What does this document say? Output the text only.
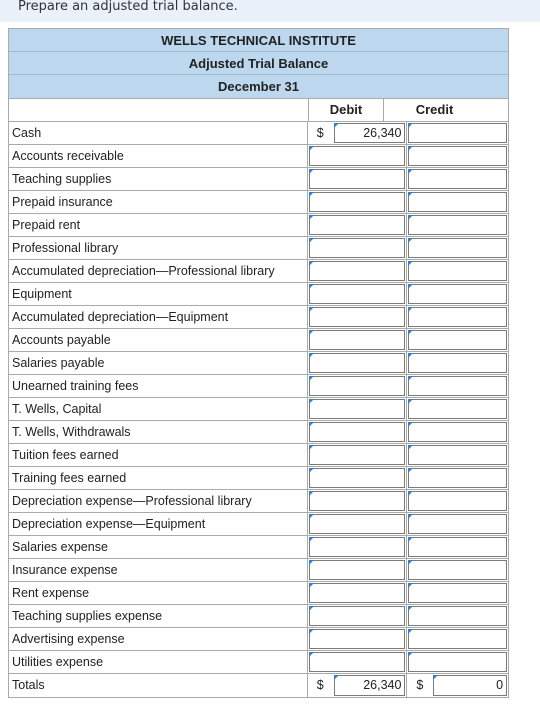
Prepare an adjusted trial balance.
WELLS TECHNICAL INSTITUTE
Adjusted Trial Balance
December 31
Debit	Credit
Cash	$	26,340
Accounts receivable
Teaching supplies
Prepaid insurance
Prepaid rent
Professional library
Accumulated depreciation—Professional library
Equipment
Accumulated depreciation—Equipment
Accounts payable
Salaries payable
Unearned training fees
T. Wells, Capital
T. Wells, Withdrawals
Tuition fees earned
Training fees earned
Depreciation expense—Professional library
Depreciation expense—Equipment
Salaries expense
Insurance expense
Rent expense
Teaching supplies expense
Advertising expense
Utilities expense
Totals	$	26,340	$	0
